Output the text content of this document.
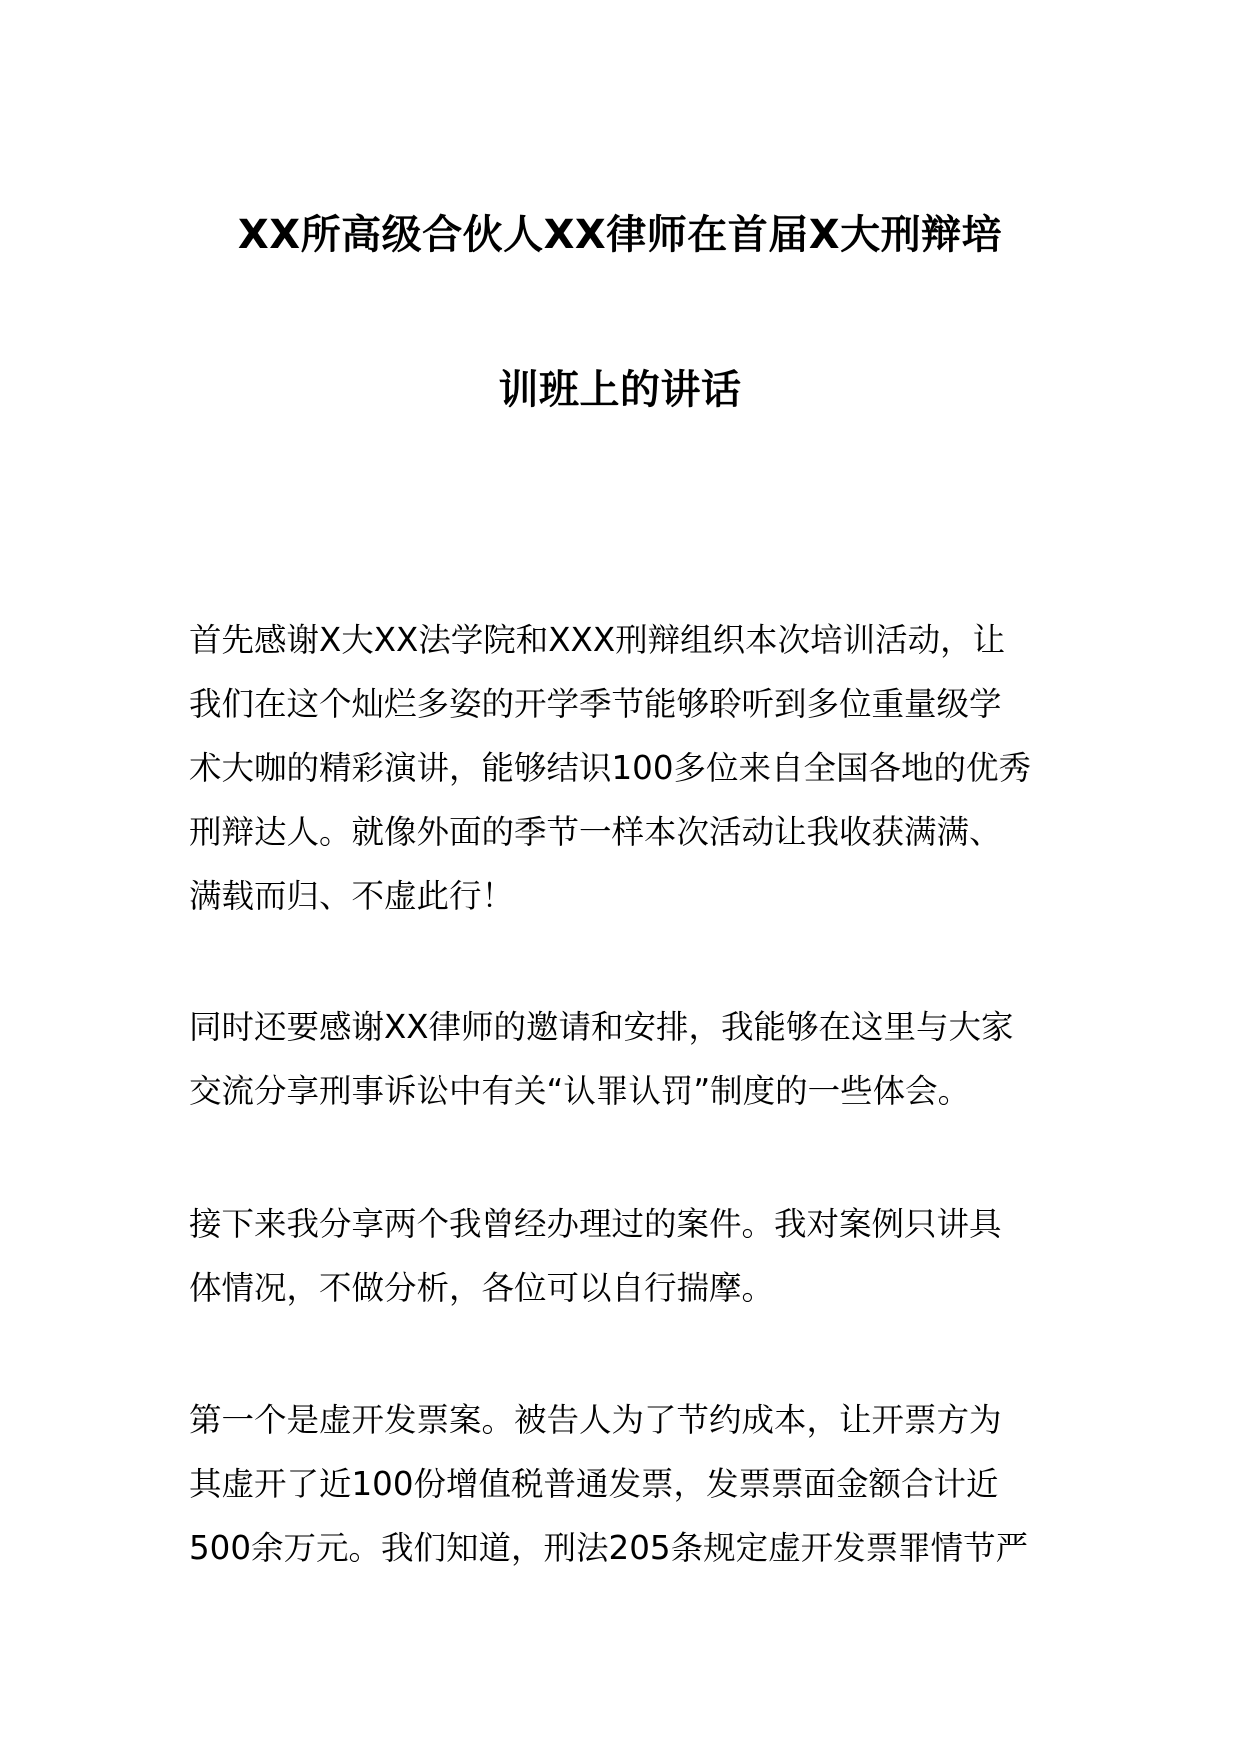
XX所高级合伙人XX律师在首届X大刑辩培
训班上的讲话
首先感谢X大XX法学院和XXX刑辩组织本次培训活动，让
我们在这个灿烂多姿的开学季节能够聆听到多位重量级学
术大咖的精彩演讲，能够结识100多位来自全国各地的优秀
刑辩达人。就像外面的季节一样本次活动让我收获满满、
满载而归、不虚此行！
同时还要感谢XX律师的邀请和安排，我能够在这里与大家
交流分享刑事诉讼中有关“认罪认罚”制度的一些体会。
接下来我分享两个我曾经办理过的案件。我对案例只讲具
体情况，不做分析，各位可以自行揣摩。
第一个是虚开发票案。被告人为了节约成本，让开票方为
其虚开了近100份增值税普通发票，发票票面金额合计近
500余万元。我们知道，刑法205条规定虚开发票罪情节严
